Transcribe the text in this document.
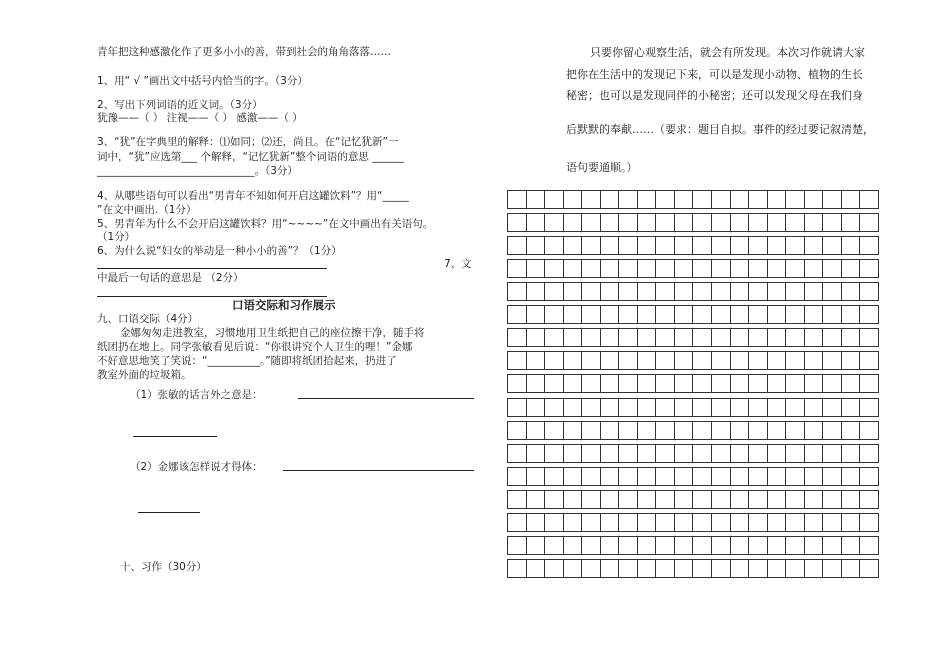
青年把这种感激化作了更多小小的善，带到社会的角角落落……
1、用“ √ ”画出文中括号内恰当的字。（3分）
2、写出下列词语的近义词。（3分）
犹豫——（ ） 注视——（ ） 感激——（ ）
3、“犹”在字典里的解释：⑴如同；⑵还，尚且。在“记忆犹新”一
词中，“犹”应选第___ 个解释，“记忆犹新”整个词语的意思 ______
______________________________。（3分）
4、从哪些语句可以看出“男青年不知如何开启这罐饮料”？用“_____
”在文中画出.（1分）
5、男青年为什么不会开启这罐饮料？用“~~~~”在文中画出有关语句。
（1分）
6、为什么说“妇女的举动是一种小小的善”？（1分）
7、文
中最后一句话的意思是 （2分）
口语交际和习作展示
九、口语交际（4分）
金娜匆匆走进教室，习惯地用卫生纸把自己的座位擦干净，随手将
纸团扔在地上。同学张敏看见后说：“你很讲究个人卫生的哩！”金娜
不好意思地笑了笑说：“__________。”随即将纸团拾起来，扔进了
教室外面的垃圾箱。
（1）张敏的话言外之意是：
（2）金娜该怎样说才得体：
十、习作（30分）
只要你留心观察生活，就会有所发现。本次习作就请大家
把你在生活中的发现记下来，可以是发现小动物、植物的生长
秘密；也可以是发现同伴的小秘密；还可以发现父母在我们身
后默默的奉献……（要求：题目自拟。事件的经过要记叙清楚，
语句要通顺。）
